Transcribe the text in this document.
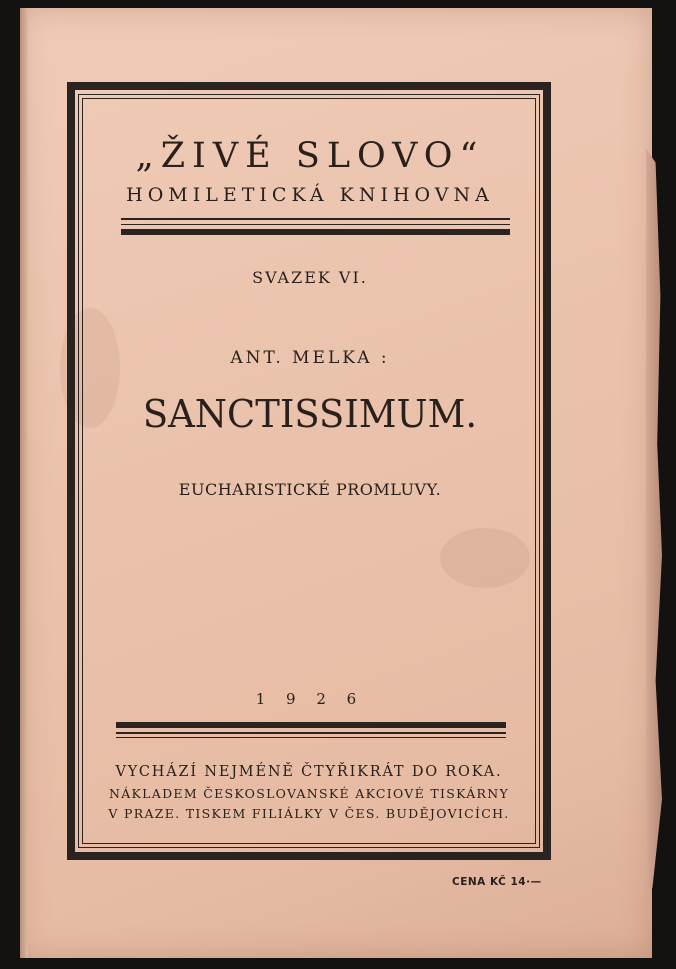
„ŽIVÉ SLOVO“
HOMILETICKÁ KNIHOVNA
SVAZEK VI.
ANT. MELKA :
SANCTISSIMUM.
EUCHARISTICKÉ PROMLUVY.
1 9 2 6
VYCHÁZÍ NEJMÉNĚ ČTYŘIKRÁT DO ROKA.
NÁKLADEM ČESKOSLOVANSKÉ AKCIOVÉ TISKÁRNY
V PRAZE. TISKEM FILIÁLKY V ČES. BUDĚJOVICÍCH.
CENA KČ 14·—
